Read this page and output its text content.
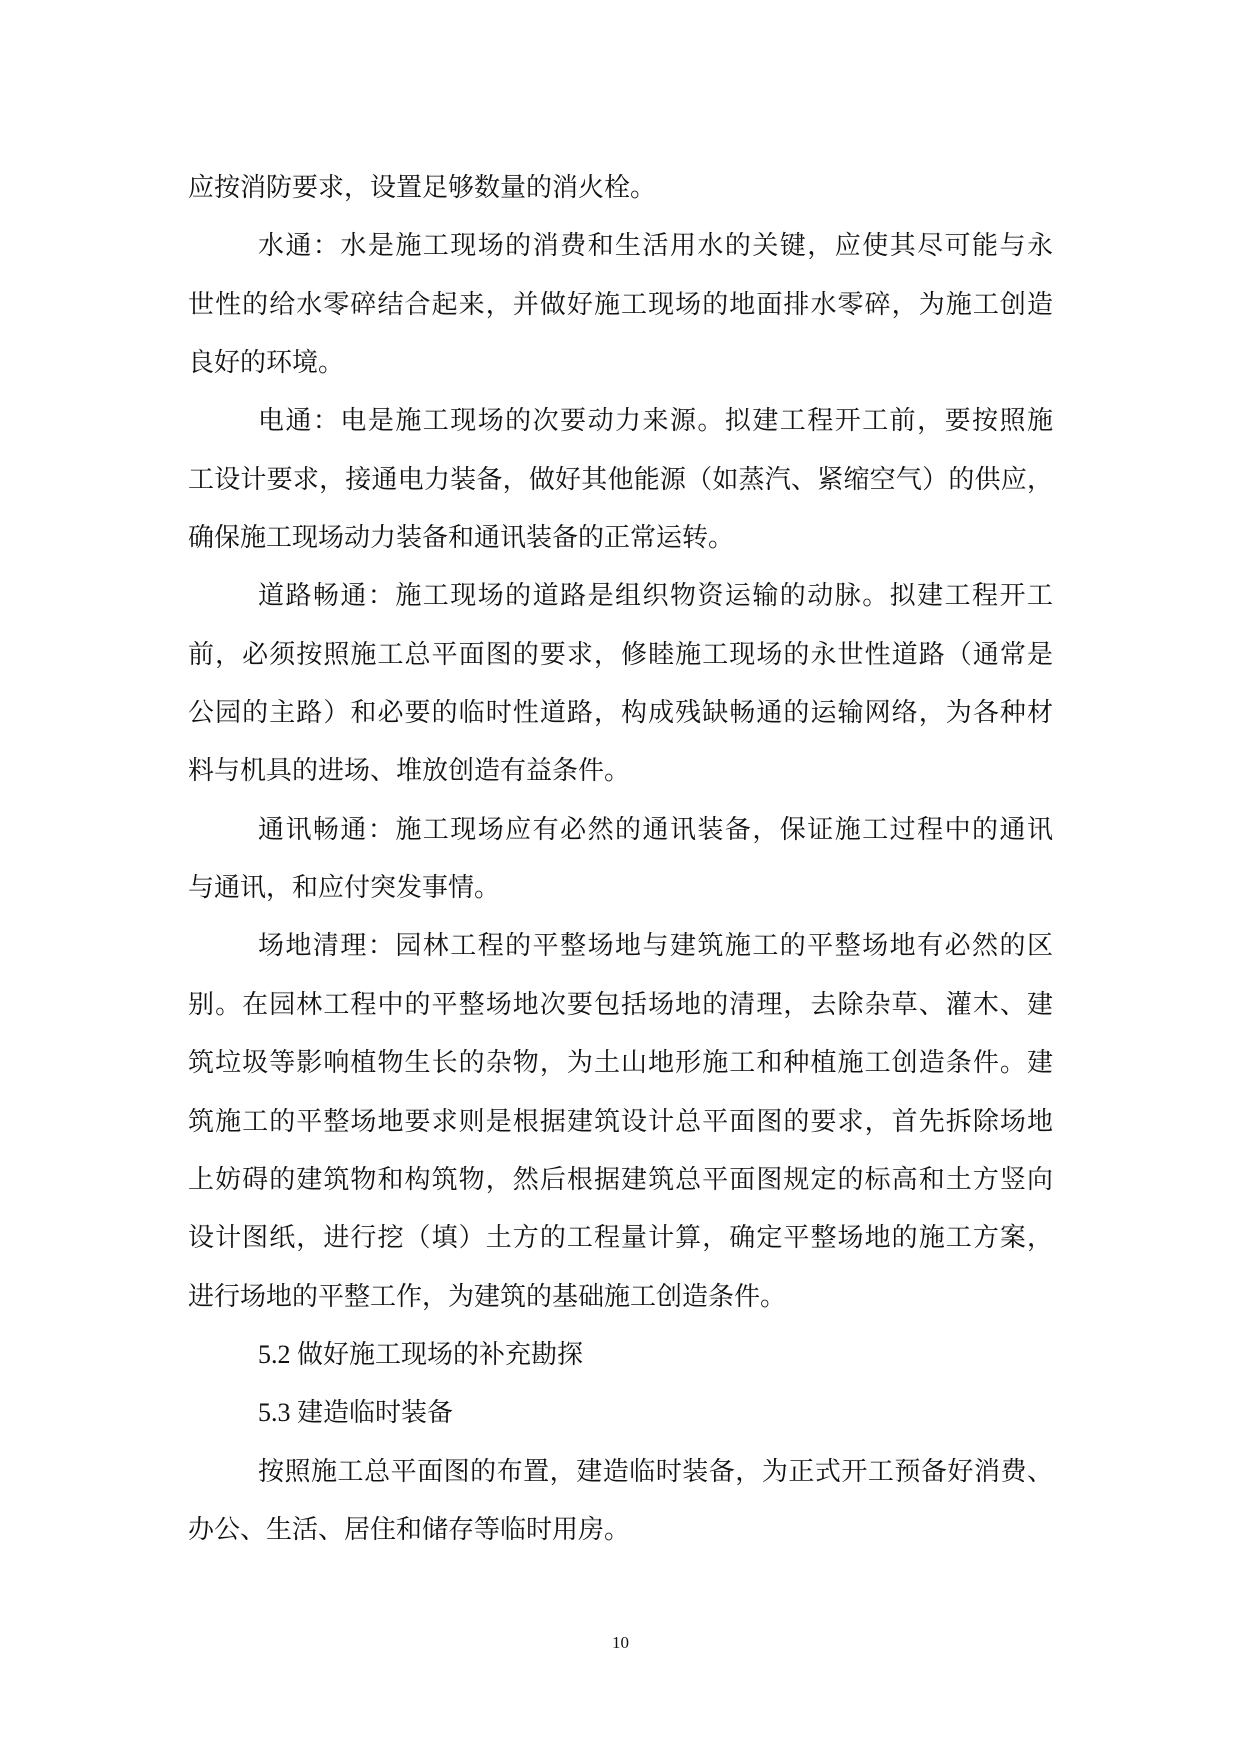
应按消防要求，设置足够数量的消火栓。
水通：水是施工现场的消费和生活用水的关键，应使其尽可能与永
世性的给水零碎结合起来，并做好施工现场的地面排水零碎，为施工创造
良好的环境。
电通：电是施工现场的次要动力来源。拟建工程开工前，要按照施
工设计要求，接通电力装备，做好其他能源（如蒸汽、紧缩空气）的供应，
确保施工现场动力装备和通讯装备的正常运转。
道路畅通：施工现场的道路是组织物资运输的动脉。拟建工程开工
前，必须按照施工总平面图的要求，修睦施工现场的永世性道路（通常是
公园的主路）和必要的临时性道路，构成残缺畅通的运输网络，为各种材
料与机具的进场、堆放创造有益条件。
通讯畅通：施工现场应有必然的通讯装备，保证施工过程中的通讯
与通讯，和应付突发事情。
场地清理：园林工程的平整场地与建筑施工的平整场地有必然的区
别。在园林工程中的平整场地次要包括场地的清理，去除杂草、灌木、建
筑垃圾等影响植物生长的杂物，为土山地形施工和种植施工创造条件。建
筑施工的平整场地要求则是根据建筑设计总平面图的要求，首先拆除场地
上妨碍的建筑物和构筑物，然后根据建筑总平面图规定的标高和土方竖向
设计图纸，进行挖（填）土方的工程量计算，确定平整场地的施工方案，
进行场地的平整工作，为建筑的基础施工创造条件。
5.2 做好施工现场的补充勘探
5.3 建造临时装备
按照施工总平面图的布置，建造临时装备，为正式开工预备好消费、
办公、生活、居住和储存等临时用房。
10
